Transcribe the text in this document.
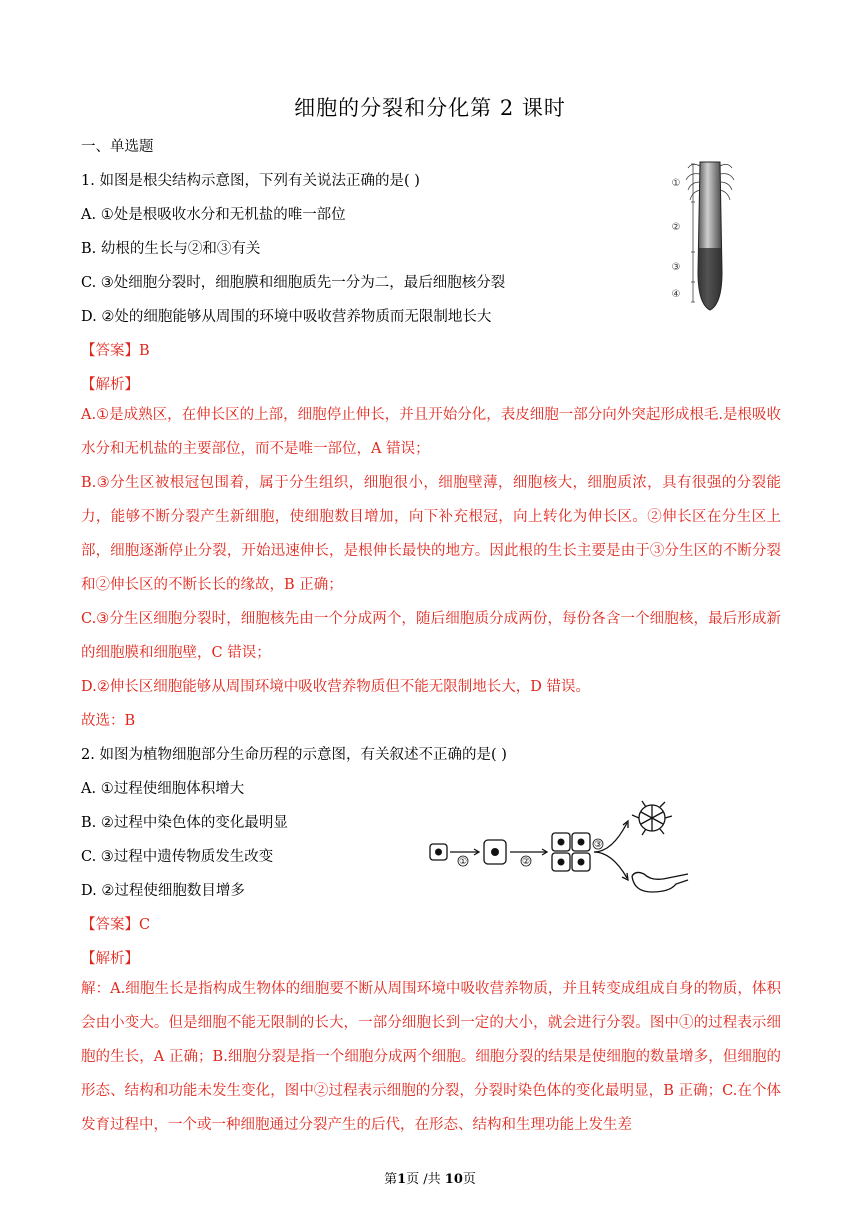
细胞的分裂和分化第 2 课时
一、单选题
1. 如图是根尖结构示意图，下列有关说法正确的是( )
A. ①处是根吸收水分和无机盐的唯一部位
B. 幼根的生长与②和③有关
C. ③处细胞分裂时，细胞膜和细胞质先一分为二，最后细胞核分裂
D. ②处的细胞能够从周围的环境中吸收营养物质而无限制地长大
①
②
③
④
【答案】B
【解析】
A.①是成熟区，在伸长区的上部，细胞停止伸长，并且开始分化，表皮细胞一部分向外突起形成根毛.是根吸收水分和无机盐的主要部位，而不是唯一部位，A 错误；
B.③分生区被根冠包围着，属于分生组织，细胞很小，细胞壁薄，细胞核大，细胞质浓，具有很强的分裂能力，能够不断分裂产生新细胞，使细胞数目增加，向下补充根冠，向上转化为伸长区。②伸长区在分生区上部，细胞逐渐停止分裂，开始迅速伸长，是根伸长最快的地方。因此根的生长主要是由于③分生区的不断分裂和②伸长区的不断长长的缘故，B 正确；
C.③分生区细胞分裂时，细胞核先由一个分成两个，随后细胞质分成两份，每份各含一个细胞核，最后形成新的细胞膜和细胞壁，C 错误；
D.②伸长区细胞能够从周围环境中吸收营养物质但不能无限制地长大，D 错误。
故选：B
2. 如图为植物细胞部分生命历程的示意图，有关叙述不正确的是( )
A. ①过程使细胞体积增大
B. ②过程中染色体的变化最明显
C. ③过程中遗传物质发生改变
D. ②过程使细胞数目增多
①	②
③
【答案】C
【解析】
解：A.细胞生长是指构成生物体的细胞要不断从周围环境中吸收营养物质，并且转变成组成自身的物质，体积会由小变大。但是细胞不能无限制的长大，一部分细胞长到一定的大小，就会进行分裂。图中①的过程表示细胞的生长，A 正确；B.细胞分裂是指一个细胞分成两个细胞。细胞分裂的结果是使细胞的数量增多，但细胞的形态、结构和功能未发生变化，图中②过程表示细胞的分裂，分裂时染色体的变化最明显，B 正确；C.在个体发育过程中，一个或一种细胞通过分裂产生的后代，在形态、结构和生理功能上发生差
第1页 /共 10页
